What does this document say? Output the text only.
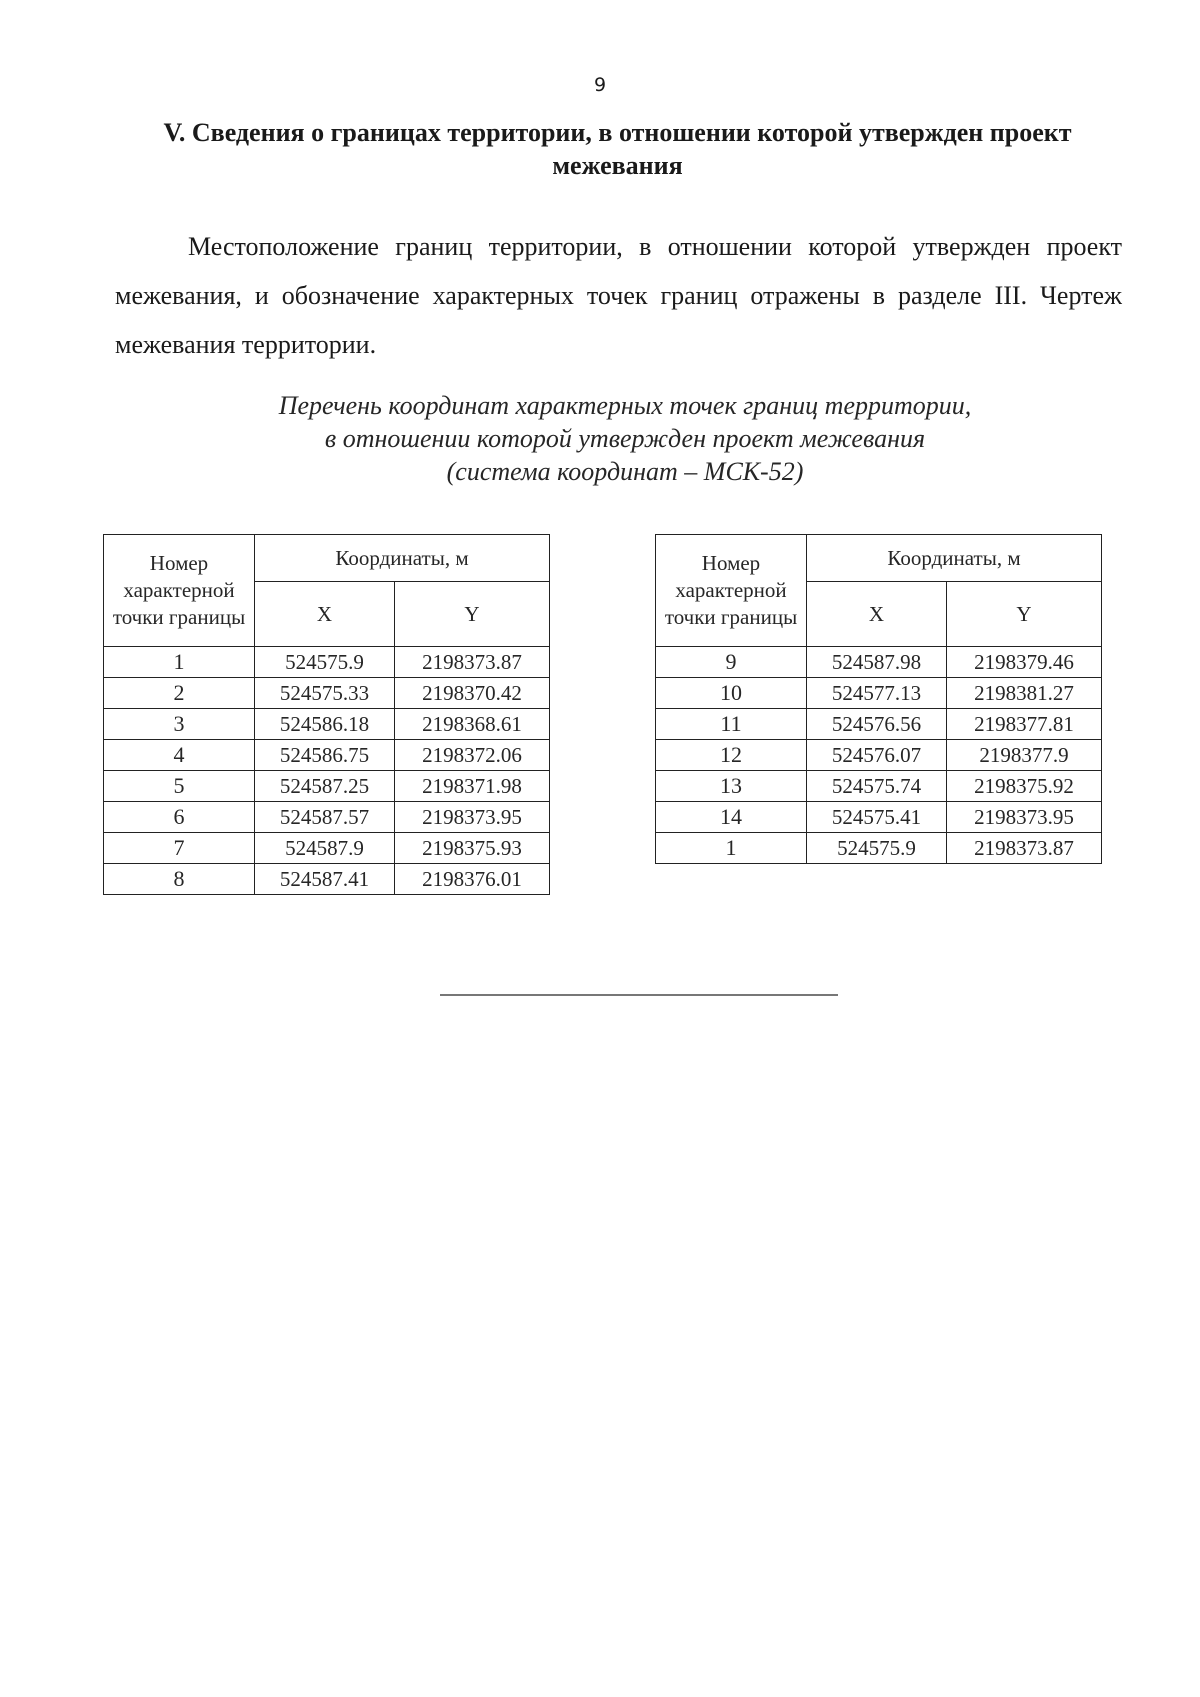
9
V. Сведения о границах территории, в отношении которой утвержден проект
межевания

Местоположение границ территории, в отношении которой утвержден проект межевания, и обозначение характерных точек границ отражены в разделе III. Чертеж межевания территории.

Перечень координат характерных точек границ территории,
в отношении которой утвержден проект межевания
(система координат – МСК-52)
Номер характерной точки границы	Координаты, м	
	X	Y
1	524575.9	2198373.87
2	524575.33	2198370.42
3	524586.18	2198368.61
4	524586.75	2198372.06
5	524587.25	2198371.98
6	524587.57	2198373.95
7	524587.9	2198375.93
8	524587.41	2198376.01
Номер характерной точки границы	Координаты, м	
	X	Y
9	524587.98	2198379.46
10	524577.13	2198381.27
11	524576.56	2198377.81
12	524576.07	2198377.9
13	524575.74	2198375.92
14	524575.41	2198373.95
1	524575.9	2198373.87
